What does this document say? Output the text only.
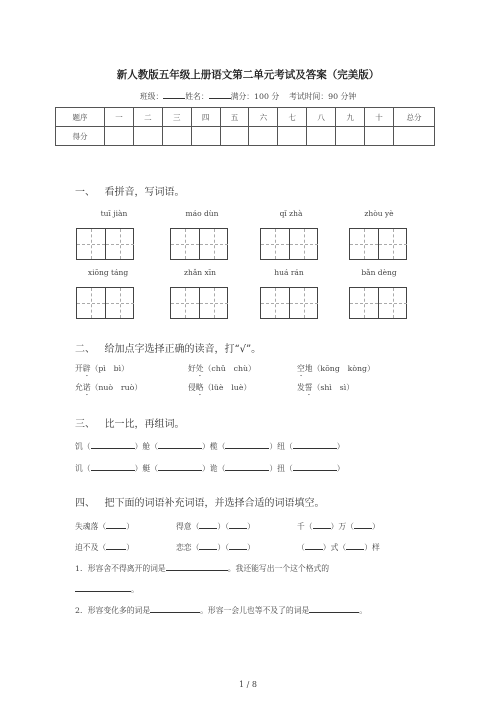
新人教版五年级上册语文第二单元考试及答案（完美版）
班级：	姓名：	满分：100 分 考试时间：90 分钟
题序	一	二	三	四	五	六	七	八	九	十	总分
得分											
一、 看拼音，写词语。
tuī jiàn	máo dùn	qǐ zhà	zhòu yè
xiōng táng	zhǎn xīn	huá rán	bǎn dèng
二、 给加点字选择正确的读音，打“√”。
开辟（pì　bì）	好处（chǔ　chù）	空地（kōng　kòng）
允诺（nuò　ruò）	侵略（lüè　luè）	发誓（shì　sì）
三、 比一比，再组词。
饥（	）舱（	）榄（	）纽（	）
讥（	）艇（	）诡（	）扭（	）
四、 把下面的词语补充词语，并选择合适的词语填空。
失魂落（	）	得意（ ）（ ）	千（ ）万（ ）
迫不及（	）	恋恋（ ）（ ）	（ ）式（ ）样
1．形容舍不得离开的词是	。我还能写出一个这个格式的
。
2．形容变化多的词是	。形容一会儿也等不及了的词是	。
1 / 8
